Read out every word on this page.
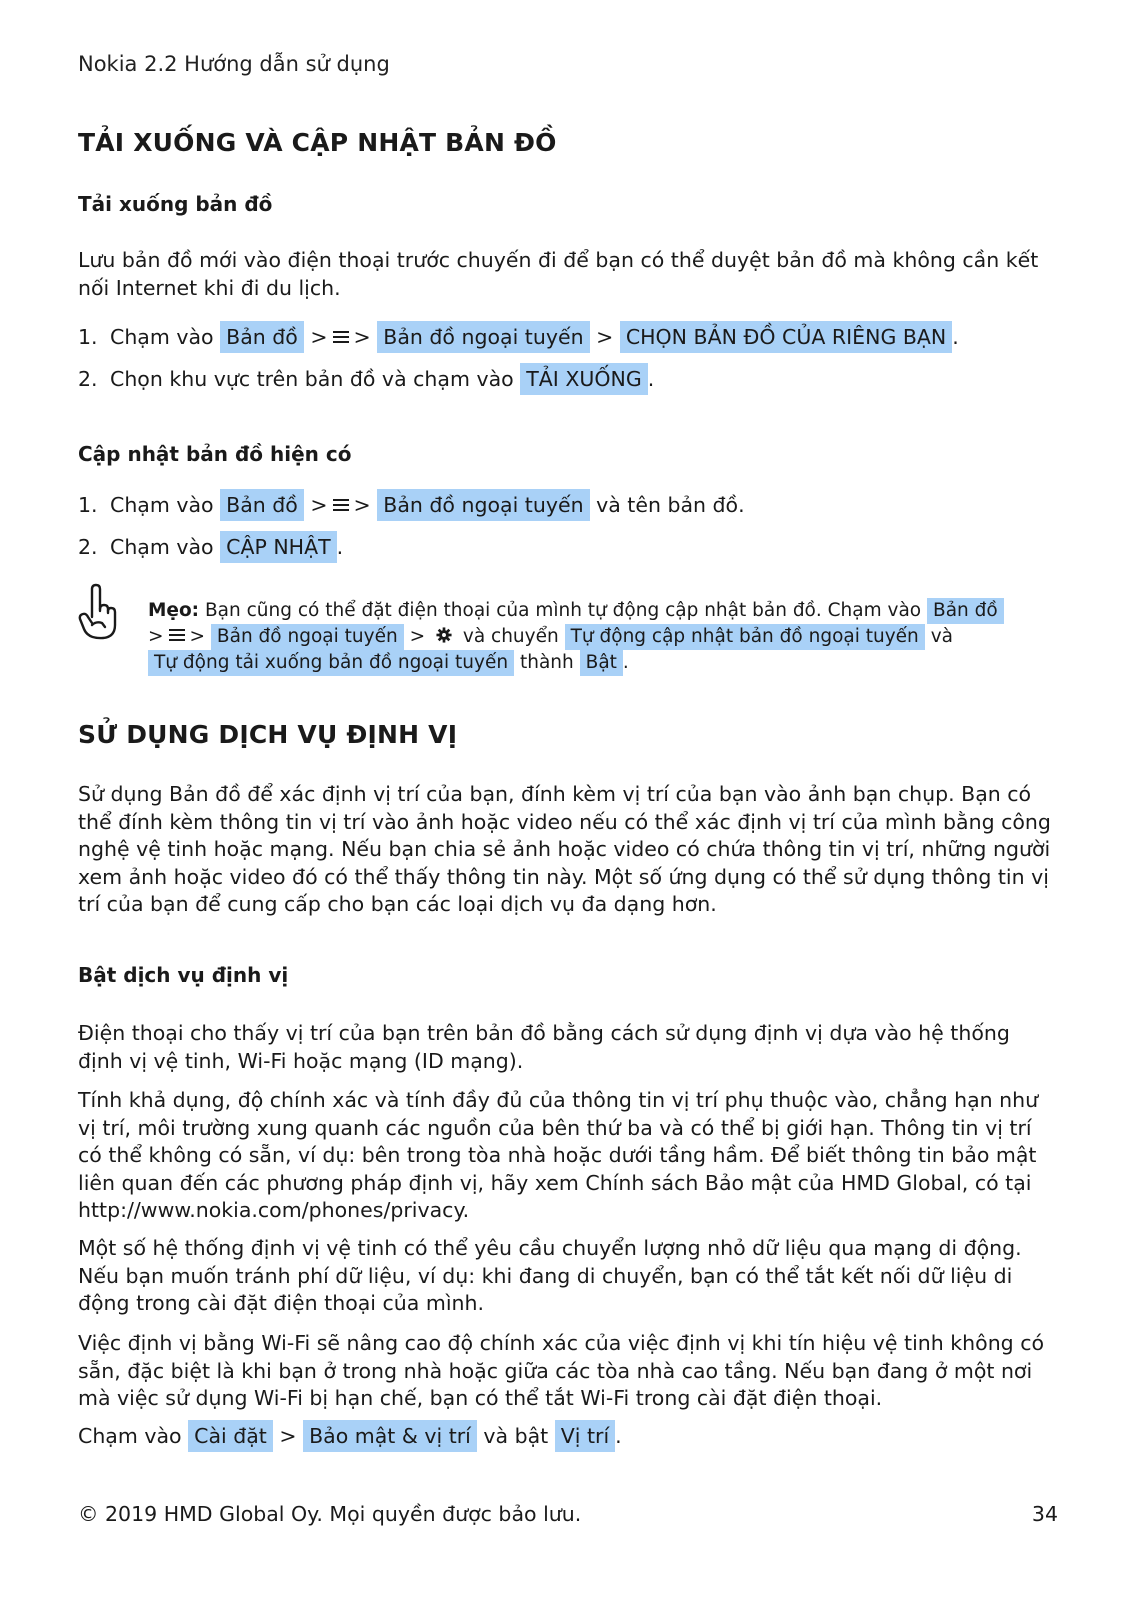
Nokia 2.2 Hướng dẫn sử dụng
TẢI XUỐNG VÀ CẬP NHẬT BẢN ĐỒ
Tải xuống bản đồ
Lưu bản đồ mới vào điện thoại trước chuyến đi để bạn có thể duyệt bản đồ mà không cần kết nối Internet khi đi du lịch.
1. Chạm vào Bản đồ > > Bản đồ ngoại tuyến > CHỌN BẢN ĐỒ CỦA RIÊNG BẠN .
2. Chọn khu vực trên bản đồ và chạm vào TẢI XUỐNG .
Cập nhật bản đồ hiện có
1. Chạm vào Bản đồ > > Bản đồ ngoại tuyến và tên bản đồ.
2. Chạm vào CẬP NHẬT .
Mẹo: Bạn cũng có thể đặt điện thoại của mình tự động cập nhật bản đồ. Chạm vào Bản đồ
> > Bản đồ ngoại tuyến > và chuyển Tự động cập nhật bản đồ ngoại tuyến và
Tự động tải xuống bản đồ ngoại tuyến thành Bật .
SỬ DỤNG DỊCH VỤ ĐỊNH VỊ
Sử dụng Bản đồ để xác định vị trí của bạn, đính kèm vị trí của bạn vào ảnh bạn chụp. Bạn có thể đính kèm thông tin vị trí vào ảnh hoặc video nếu có thể xác định vị trí của mình bằng công nghệ vệ tinh hoặc mạng. Nếu bạn chia sẻ ảnh hoặc video có chứa thông tin vị trí, những người xem ảnh hoặc video đó có thể thấy thông tin này. Một số ứng dụng có thể sử dụng thông tin vị trí của bạn để cung cấp cho bạn các loại dịch vụ đa dạng hơn.
Bật dịch vụ định vị
Điện thoại cho thấy vị trí của bạn trên bản đồ bằng cách sử dụng định vị dựa vào hệ thống định vị vệ tinh, Wi-Fi hoặc mạng (ID mạng).
Tính khả dụng, độ chính xác và tính đầy đủ của thông tin vị trí phụ thuộc vào, chẳng hạn như vị trí, môi trường xung quanh các nguồn của bên thứ ba và có thể bị giới hạn. Thông tin vị trí có thể không có sẵn, ví dụ: bên trong tòa nhà hoặc dưới tầng hầm. Để biết thông tin bảo mật liên quan đến các phương pháp định vị, hãy xem Chính sách Bảo mật của HMD Global, có tại http://www.nokia.com/phones/privacy.
Một số hệ thống định vị vệ tinh có thể yêu cầu chuyển lượng nhỏ dữ liệu qua mạng di động. Nếu bạn muốn tránh phí dữ liệu, ví dụ: khi đang di chuyển, bạn có thể tắt kết nối dữ liệu di động trong cài đặt điện thoại của mình.
Việc định vị bằng Wi-Fi sẽ nâng cao độ chính xác của việc định vị khi tín hiệu vệ tinh không có sẵn, đặc biệt là khi bạn ở trong nhà hoặc giữa các tòa nhà cao tầng. Nếu bạn đang ở một nơi mà việc sử dụng Wi-Fi bị hạn chế, bạn có thể tắt Wi-Fi trong cài đặt điện thoại.
Chạm vào Cài đặt > Bảo mật & vị trí và bật Vị trí .
© 2019 HMD Global Oy. Mọi quyền được bảo lưu.	34
